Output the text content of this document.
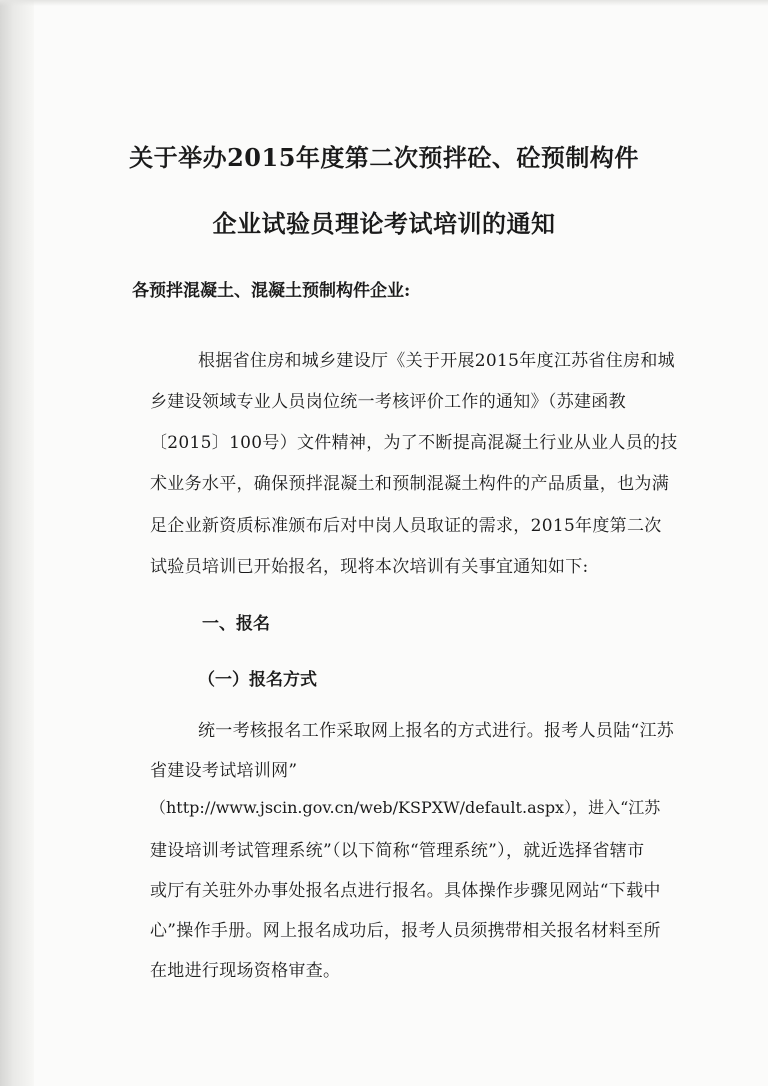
关于举办2015年度第二次预拌砼、砼预制构件
企业试验员理论考试培训的通知
各预拌混凝土、混凝土预制构件企业:
根据省住房和城乡建设厅《关于开展2015年度江苏省住房和城
乡建设领域专业人员岗位统一考核评价工作的通知》（苏建函教
〔2015〕100号）文件精神，为了不断提高混凝土行业从业人员的技
术业务水平，确保预拌混凝土和预制混凝土构件的产品质量，也为满
足企业新资质标准颁布后对中岗人员取证的需求，2015年度第二次
试验员培训已开始报名，现将本次培训有关事宜通知如下:
一、报名
（一）报名方式
统一考核报名工作采取网上报名的方式进行。报考人员陆“江苏
省建设考试培训网”
（http://www.jscin.gov.cn/web/KSPXW/default.aspx），进入“江苏
建设培训考试管理系统”（以下简称“管理系统”），就近选择省辖市
或厅有关驻外办事处报名点进行报名。具体操作步骤见网站“下载中
心”操作手册。网上报名成功后，报考人员须携带相关报名材料至所
在地进行现场资格审查。
